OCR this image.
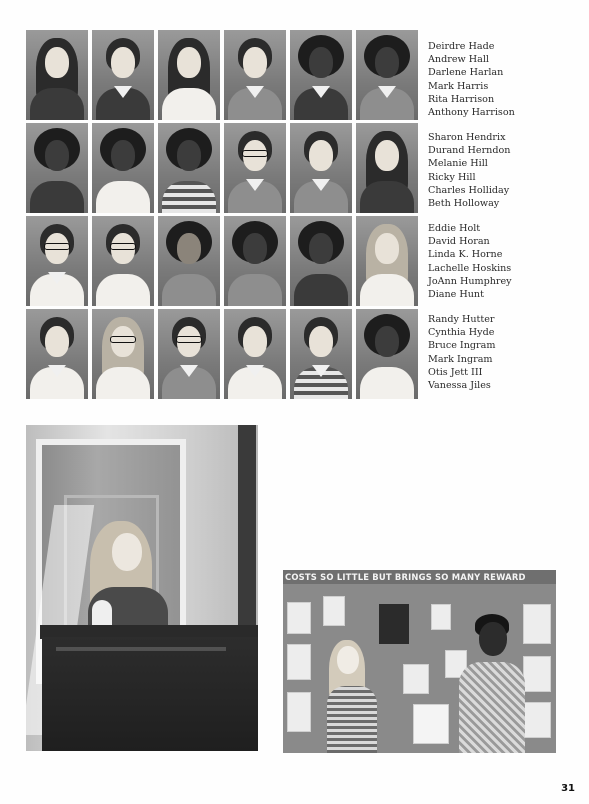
Deirdre Hade
Andrew Hall
Darlene Harlan
Mark Harris
Rita Harrison
Anthony Harrison
Sharon Hendrix
Durand Herndon
Melanie Hill
Ricky Hill
Charles Holliday
Beth Holloway
Eddie Holt
David Horan
Linda K. Horne
Lachelle Hoskins
JoAnn Humphrey
Diane Hunt
Randy Hutter
Cynthia Hyde
Bruce Ingram
Mark Ingram
Otis Jett III
Vanessa Jiles
COSTS SO LITTLE BUT BRINGS SO MANY REWARD
31
